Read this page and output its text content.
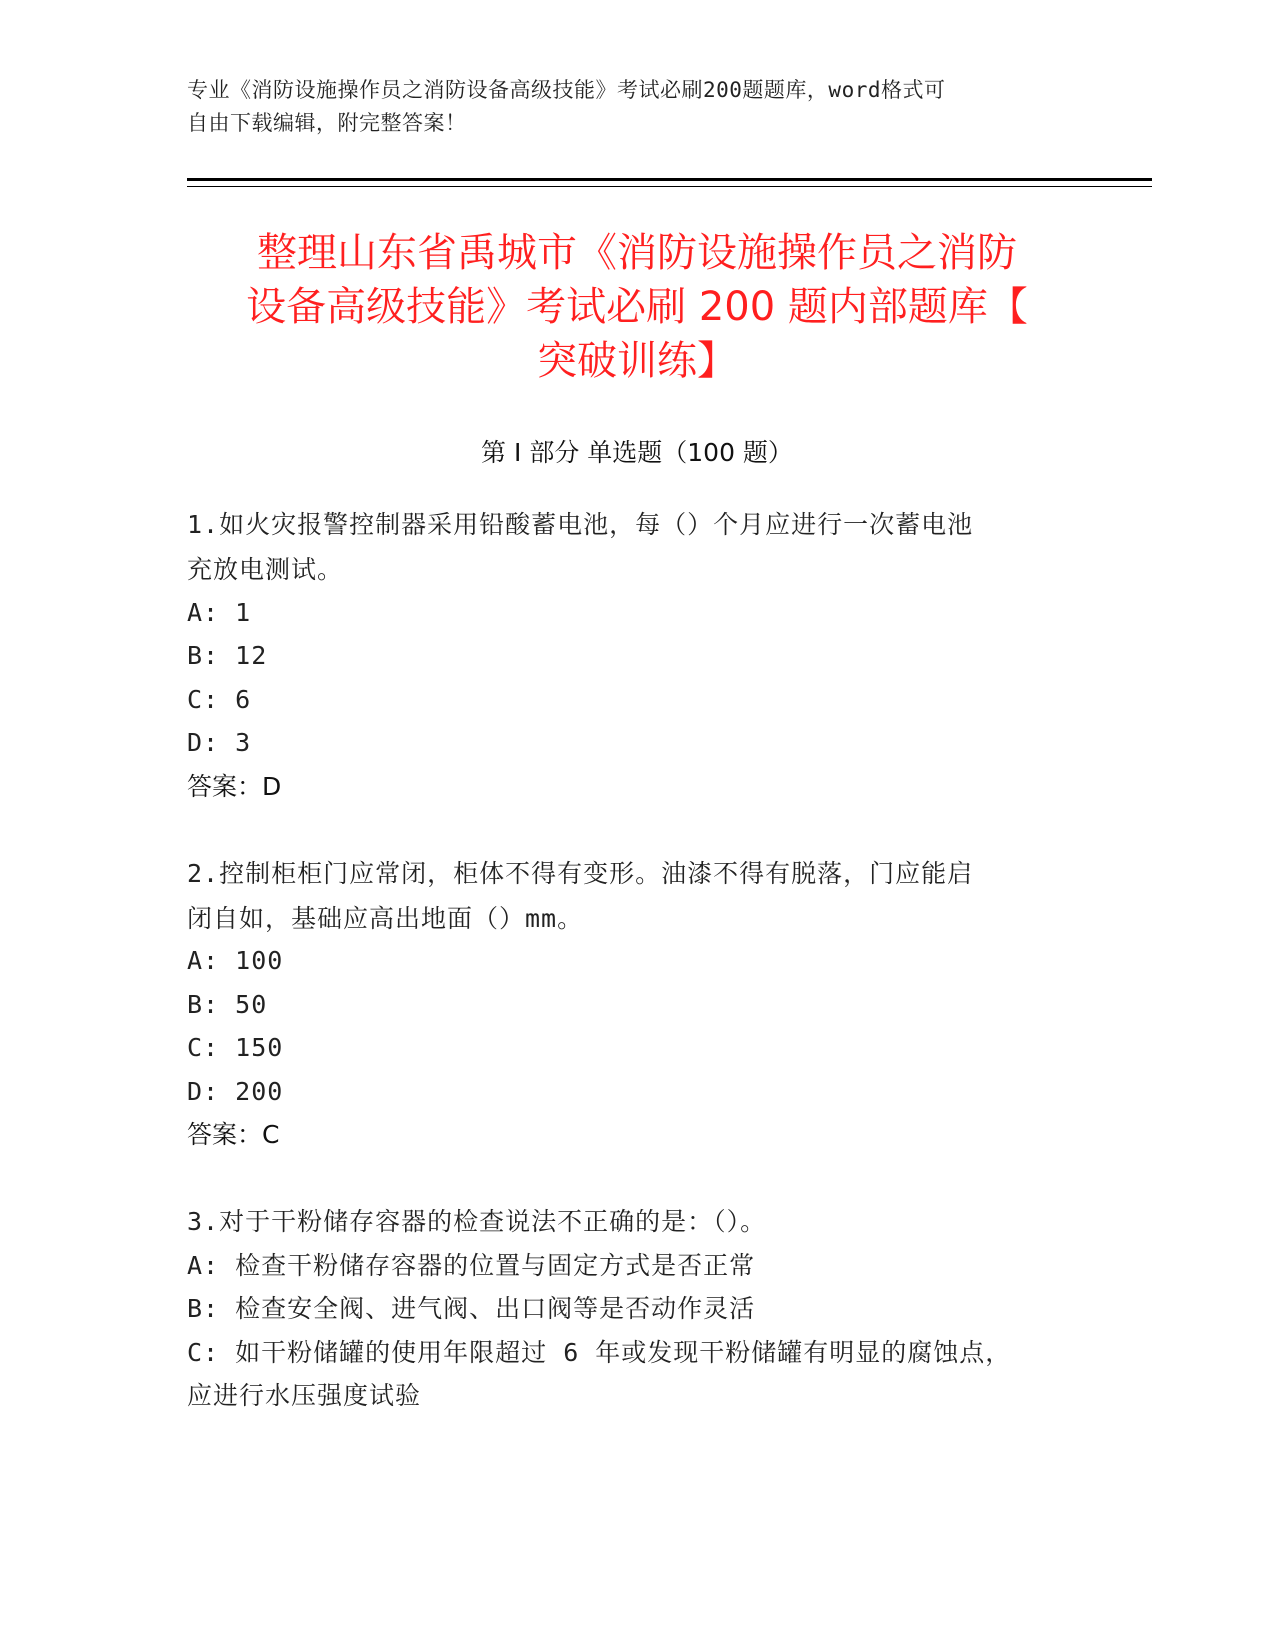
专业《消防设施操作员之消防设备高级技能》考试必刷200题题库，word格式可
自由下载编辑，附完整答案！
整理山东省禹城市《消防设施操作员之消防
设备高级技能》考试必刷 200 题内部题库【
突破训练】
第 I 部分 单选题（100 题）
1.如火灾报警控制器采用铅酸蓄电池，每（）个月应进行一次蓄电池
充放电测试。
A: 1
B: 12
C: 6
D: 3
答案：D
2.控制柜柜门应常闭，柜体不得有变形。油漆不得有脱落，门应能启
闭自如，基础应高出地面（）mm。
A: 100
B: 50
C: 150
D: 200
答案：C
3.对于干粉储存容器的检查说法不正确的是：（）。
A: 检查干粉储存容器的位置与固定方式是否正常
B: 检查安全阀、进气阀、出口阀等是否动作灵活
C: 如干粉储罐的使用年限超过 6 年或发现干粉储罐有明显的腐蚀点，
应进行水压强度试验
